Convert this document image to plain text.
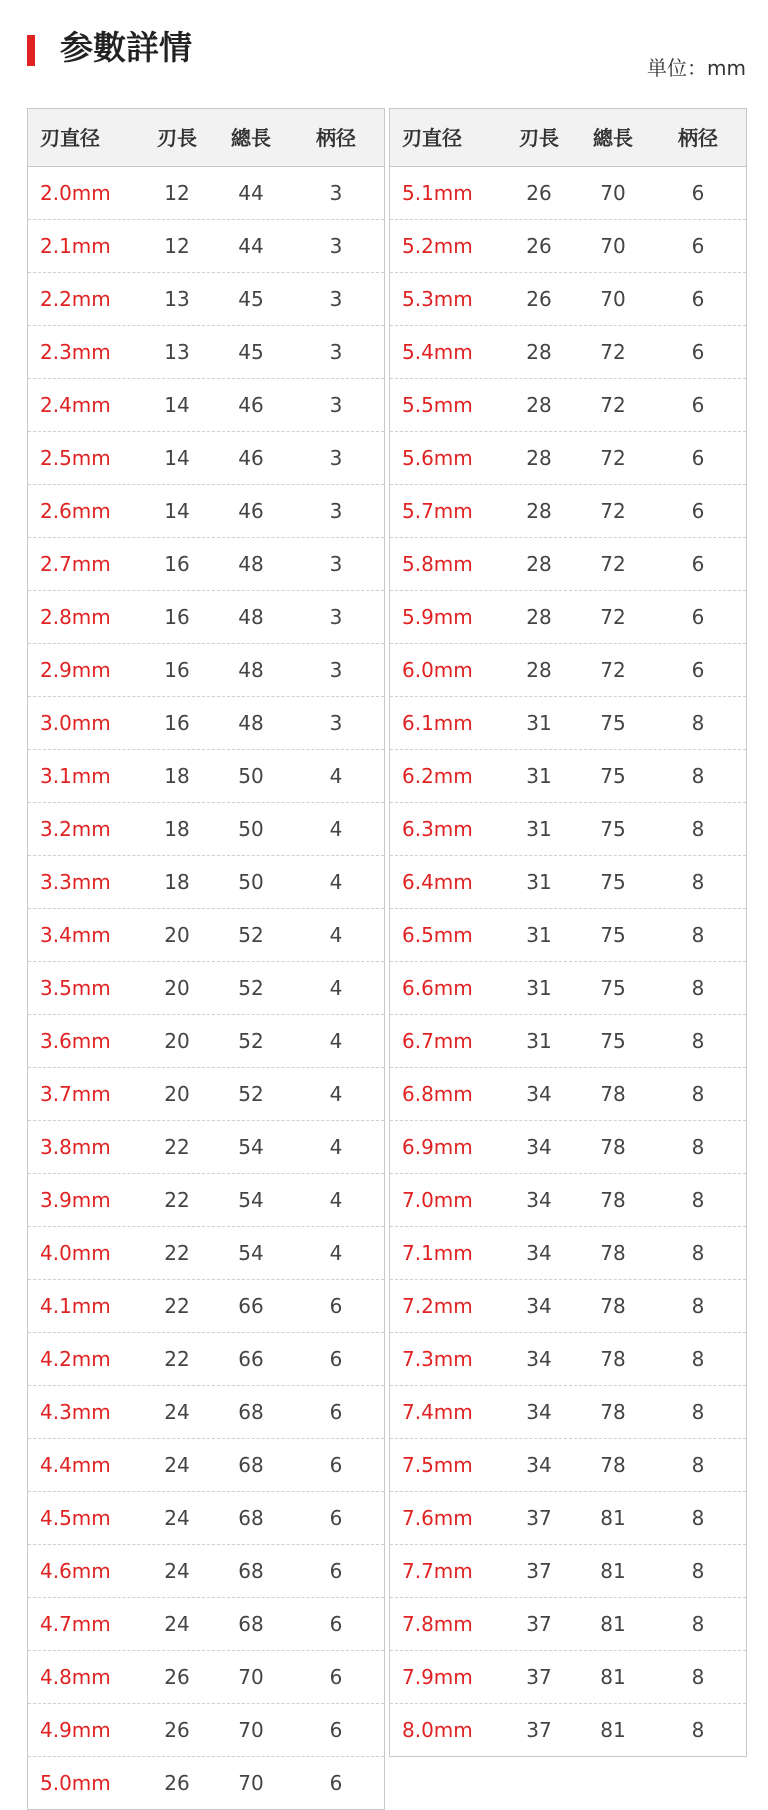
参數詳情
単位：mm
刃直径	刃長	總長	柄径
2.0mm	12	44	3
2.1mm	12	44	3
2.2mm	13	45	3
2.3mm	13	45	3
2.4mm	14	46	3
2.5mm	14	46	3
2.6mm	14	46	3
2.7mm	16	48	3
2.8mm	16	48	3
2.9mm	16	48	3
3.0mm	16	48	3
3.1mm	18	50	4
3.2mm	18	50	4
3.3mm	18	50	4
3.4mm	20	52	4
3.5mm	20	52	4
3.6mm	20	52	4
3.7mm	20	52	4
3.8mm	22	54	4
3.9mm	22	54	4
4.0mm	22	54	4
4.1mm	22	66	6
4.2mm	22	66	6
4.3mm	24	68	6
4.4mm	24	68	6
4.5mm	24	68	6
4.6mm	24	68	6
4.7mm	24	68	6
4.8mm	26	70	6
4.9mm	26	70	6
5.0mm	26	70	6
刃直径	刃長	總長	柄径
5.1mm	26	70	6
5.2mm	26	70	6
5.3mm	26	70	6
5.4mm	28	72	6
5.5mm	28	72	6
5.6mm	28	72	6
5.7mm	28	72	6
5.8mm	28	72	6
5.9mm	28	72	6
6.0mm	28	72	6
6.1mm	31	75	8
6.2mm	31	75	8
6.3mm	31	75	8
6.4mm	31	75	8
6.5mm	31	75	8
6.6mm	31	75	8
6.7mm	31	75	8
6.8mm	34	78	8
6.9mm	34	78	8
7.0mm	34	78	8
7.1mm	34	78	8
7.2mm	34	78	8
7.3mm	34	78	8
7.4mm	34	78	8
7.5mm	34	78	8
7.6mm	37	81	8
7.7mm	37	81	8
7.8mm	37	81	8
7.9mm	37	81	8
8.0mm	37	81	8
